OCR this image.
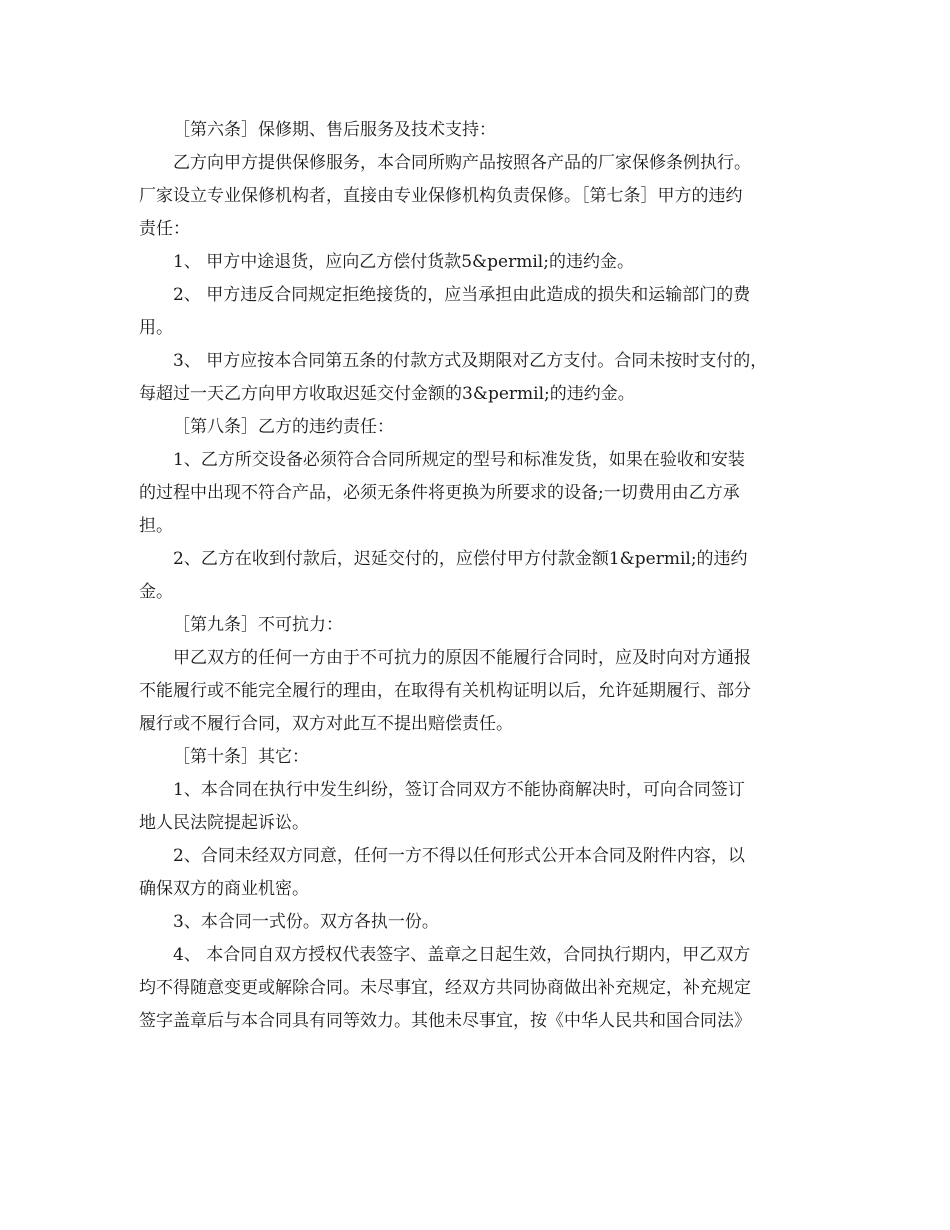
［第六条］保修期、售后服务及技术支持：
乙方向甲方提供保修服务，本合同所购产品按照各产品的厂家保修条例执行。
厂家设立专业保修机构者，直接由专业保修机构负责保修。［第七条］甲方的违约
责任：
1、 甲方中途退货，应向乙方偿付货款5&permil;的违约金。
2、 甲方违反合同规定拒绝接货的，应当承担由此造成的损失和运输部门的费
用。
3、 甲方应按本合同第五条的付款方式及期限对乙方支付。合同未按时支付的，
每超过一天乙方向甲方收取迟延交付金额的3&permil;的违约金。
［第八条］乙方的违约责任：
1、乙方所交设备必须符合合同所规定的型号和标准发货，如果在验收和安装
的过程中出现不符合产品，必须无条件将更换为所要求的设备;一切费用由乙方承
担。
2、乙方在收到付款后，迟延交付的，应偿付甲方付款金额1&permil;的违约
金。
［第九条］不可抗力：
甲乙双方的任何一方由于不可抗力的原因不能履行合同时，应及时向对方通报
不能履行或不能完全履行的理由，在取得有关机构证明以后，允许延期履行、部分
履行或不履行合同，双方对此互不提出赔偿责任。
［第十条］其它：
1、本合同在执行中发生纠纷，签订合同双方不能协商解决时，可向合同签订
地人民法院提起诉讼。
2、合同未经双方同意，任何一方不得以任何形式公开本合同及附件内容，以
确保双方的商业机密。
3、本合同一式份。双方各执一份。
4、 本合同自双方授权代表签字、盖章之日起生效，合同执行期内，甲乙双方
均不得随意变更或解除合同。未尽事宜，经双方共同协商做出补充规定，补充规定
签字盖章后与本合同具有同等效力。其他未尽事宜，按《中华人民共和国合同法》
